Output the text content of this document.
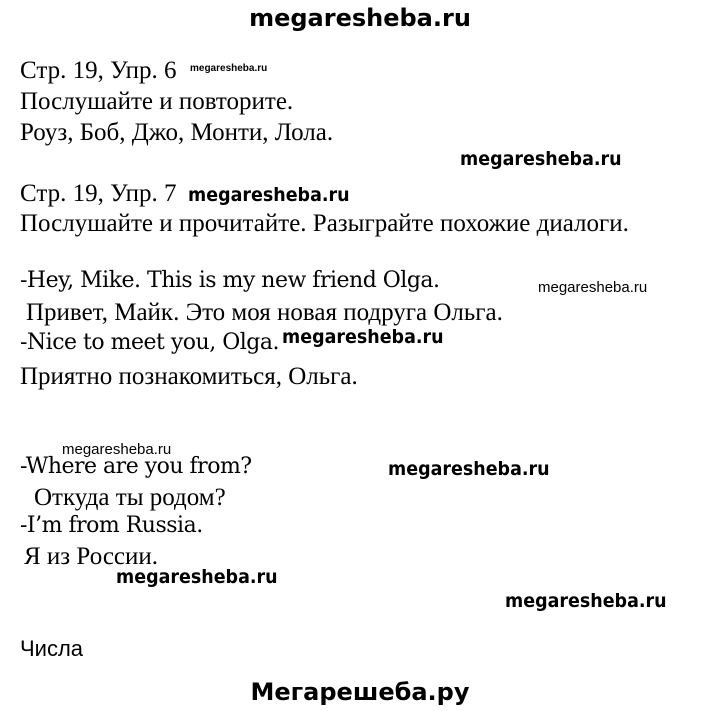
megaresheba.ru
Стр. 19, Упр. 6 megaresheba.ru
Послушайте и повторите.
Роуз, Боб, Джо, Монти, Лола.
megaresheba.ru
Стр. 19, Упр. 7 megaresheba.ru
Послушайте и прочитайте. Разыграйте похожие диалоги.
-Hey, Mike. This is my new friend Olga.	megaresheba.ru
Привет, Майк. Это моя новая подруга Ольга.
-Nice to meet you, Olga. megaresheba.ru
Приятно познакомиться, Ольга.
megaresheba.ru
-Where are you from?	megaresheba.ru
Откуда ты родом?
-I’m from Russia.
Я из России.
megaresheba.ru
megaresheba.ru
Числа
Мегарешеба.ру
